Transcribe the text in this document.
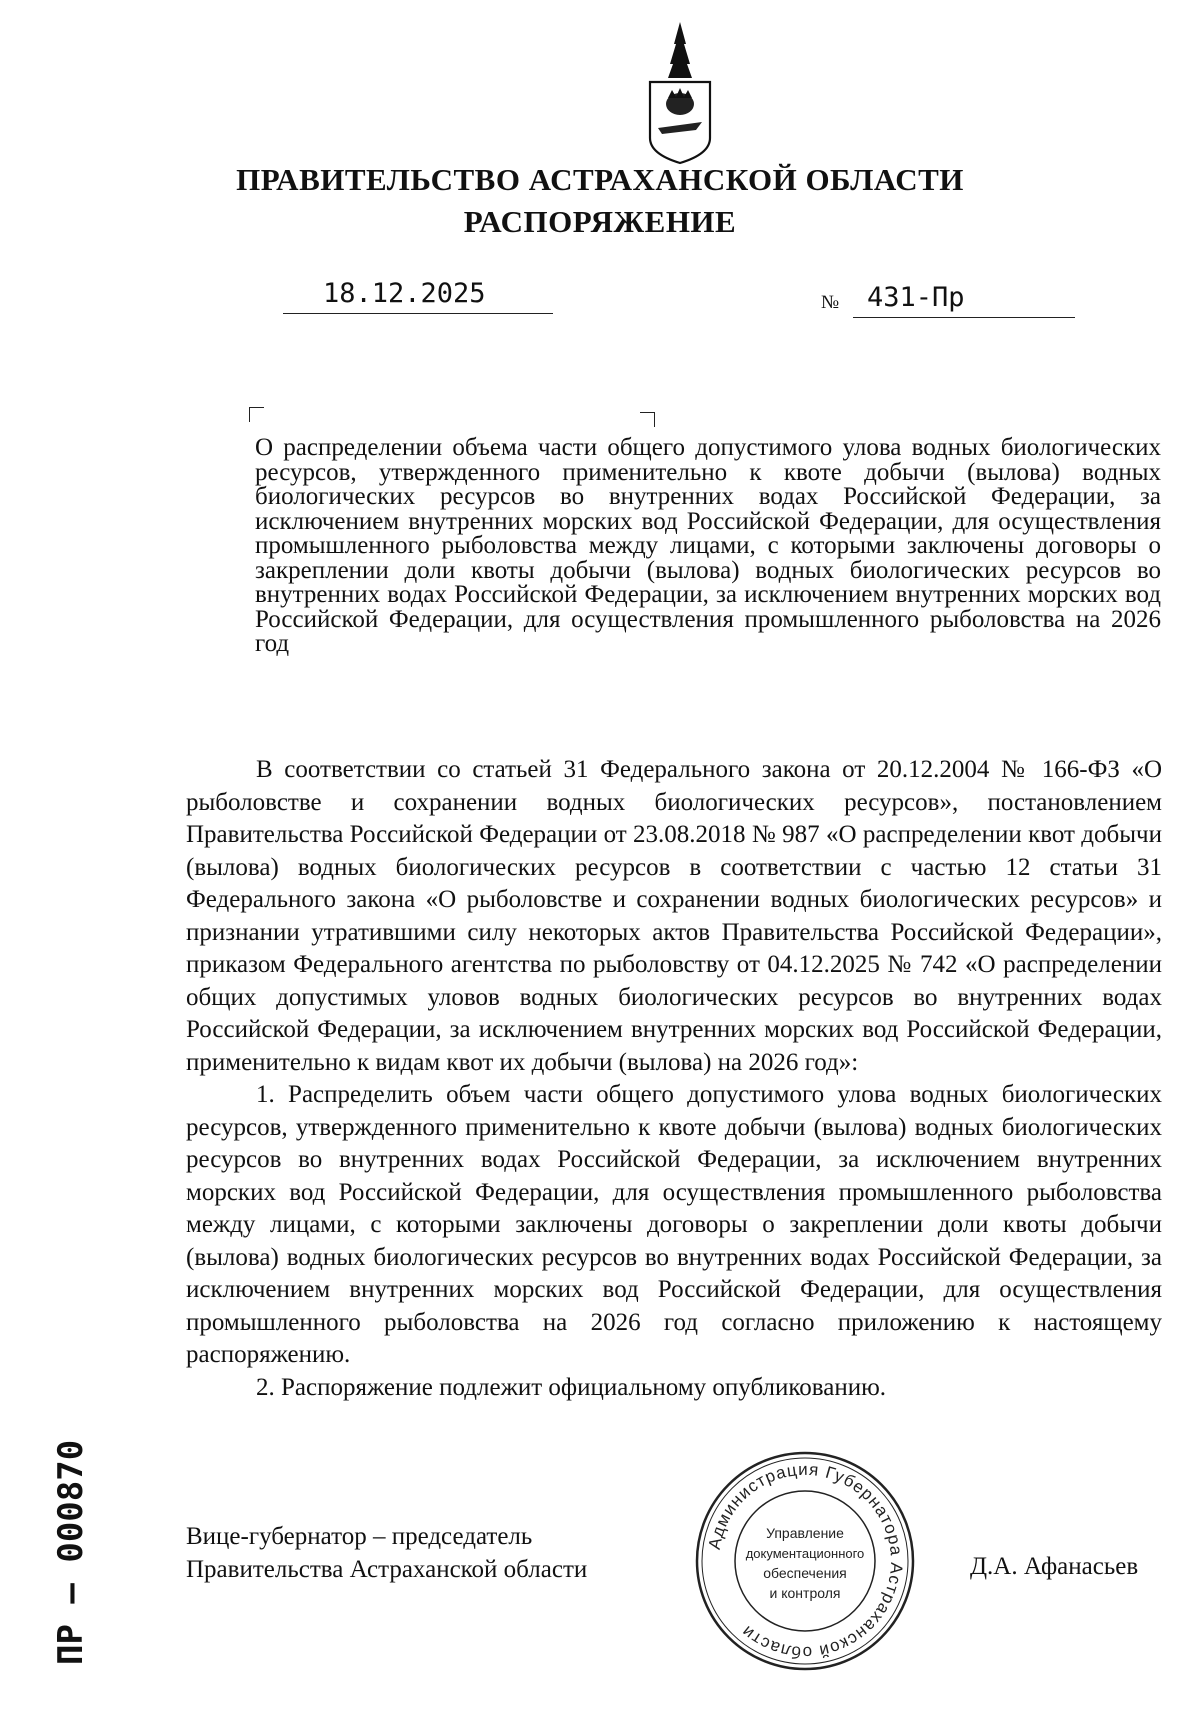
ПРАВИТЕЛЬСТВО АСТРАХАНСКОЙ ОБЛАСТИ
РАСПОРЯЖЕНИЕ
18.12.2025	№	431-Пр
О распределении объема части общего допустимого улова водных биологических ресурсов, утвержденного применительно к квоте добычи (вылова) водных биологических ресурсов во внутренних водах Российской Федерации, за исключением внутренних морских вод Российской Федерации, для осуществления промышленного рыболовства между лицами, с которыми заключены договоры о закреплении доли квоты добычи (вылова) водных биологических ресурсов во внутренних водах Российской Федерации, за исключением внутренних морских вод Российской Федерации, для осуществления промышленного рыболовства на 2026 год

В соответствии со статьей 31 Федерального закона от 20.12.2004 № 166-ФЗ «О рыболовстве и сохранении водных биологических ресурсов», постановлением Правительства Российской Федерации от 23.08.2018 № 987 «О распределении квот добычи (вылова) водных биологических ресурсов в соответствии с частью 12 статьи 31 Федерального закона «О рыболовстве и сохранении водных биологических ресурсов» и признании утратившими силу некоторых актов Правительства Российской Федерации», приказом Федерального агентства по рыболовству от 04.12.2025 № 742 «О распределении общих допустимых уловов водных биологических ресурсов во внутренних водах Российской Федерации, за исключением внутренних морских вод Российской Федерации, применительно к видам квот их добычи (вылова) на 2026 год»:

1. Распределить объем части общего допустимого улова водных биологических ресурсов, утвержденного применительно к квоте добычи (вылова) водных биологических ресурсов во внутренних водах Российской Федерации, за исключением внутренних морских вод Российской Федерации, для осуществления промышленного рыболовства между лицами, с которыми заключены договоры о закреплении доли квоты добычи (вылова) водных биологических ресурсов во внутренних водах Российской Федерации, за исключением внутренних морских вод Российской Федерации, для осуществления промышленного рыболовства на 2026 год согласно приложению к настоящему распоряжению.

2. Распоряжение подлежит официальному опубликованию.

Вице-губернатор – председатель
Правительства Астраханской области	Д.А. Афанасьев
Администрация Губернатора Астраханской области
Управление
документационного
обеспечения
и контроля
ПР – 000870
